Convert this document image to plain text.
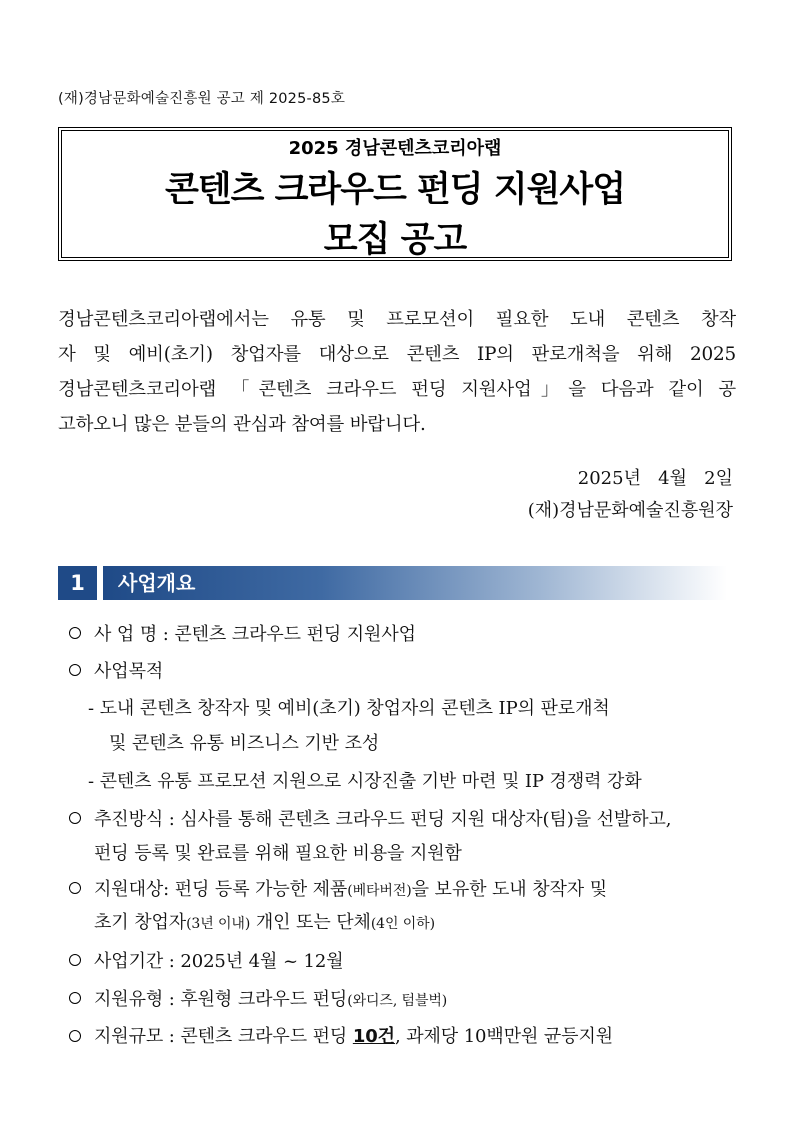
(재)경남문화예술진흥원 공고 제 2025-85호
2025 경남콘텐츠코리아랩
콘텐츠 크라우드 펀딩 지원사업
모집 공고
경남콘텐츠코리아랩에서는 유통 및 프로모션이 필요한 도내 콘텐츠 창작
자 및 예비(초기) 창업자를 대상으로 콘텐츠 IP의 판로개척을 위해 2025
경남콘텐츠코리아랩 「콘텐츠 크라우드 펀딩 지원사업」을 다음과 같이 공
고하오니 많은 분들의 관심과 참여를 바랍니다.
2025년   4월   2일
(재)경남문화예술진흥원장
1	사업개요
사 업 명 : 콘텐츠 크라우드 펀딩 지원사업
사업목적
- 도내 콘텐츠 창작자 및 예비(초기) 창업자의 콘텐츠 IP의 판로개척
및 콘텐츠 유통 비즈니스 기반 조성
- 콘텐츠 유통 프로모션 지원으로 시장진출 기반 마련 및 IP 경쟁력 강화
추진방식 : 심사를 통해 콘텐츠 크라우드 펀딩 지원 대상자(팀)을 선발하고,
펀딩 등록 및 완료를 위해 필요한 비용을 지원함
지원대상: 펀딩 등록 가능한 제품(베타버전)을 보유한 도내 창작자 및
초기 창업자(3년 이내) 개인 또는 단체(4인 이하)
사업기간 : 2025년 4월 ~ 12월
지원유형 : 후원형 크라우드 펀딩(와디즈, 텀블벅)
지원규모 : 콘텐츠 크라우드 펀딩 10건, 과제당 10백만원 균등지원
